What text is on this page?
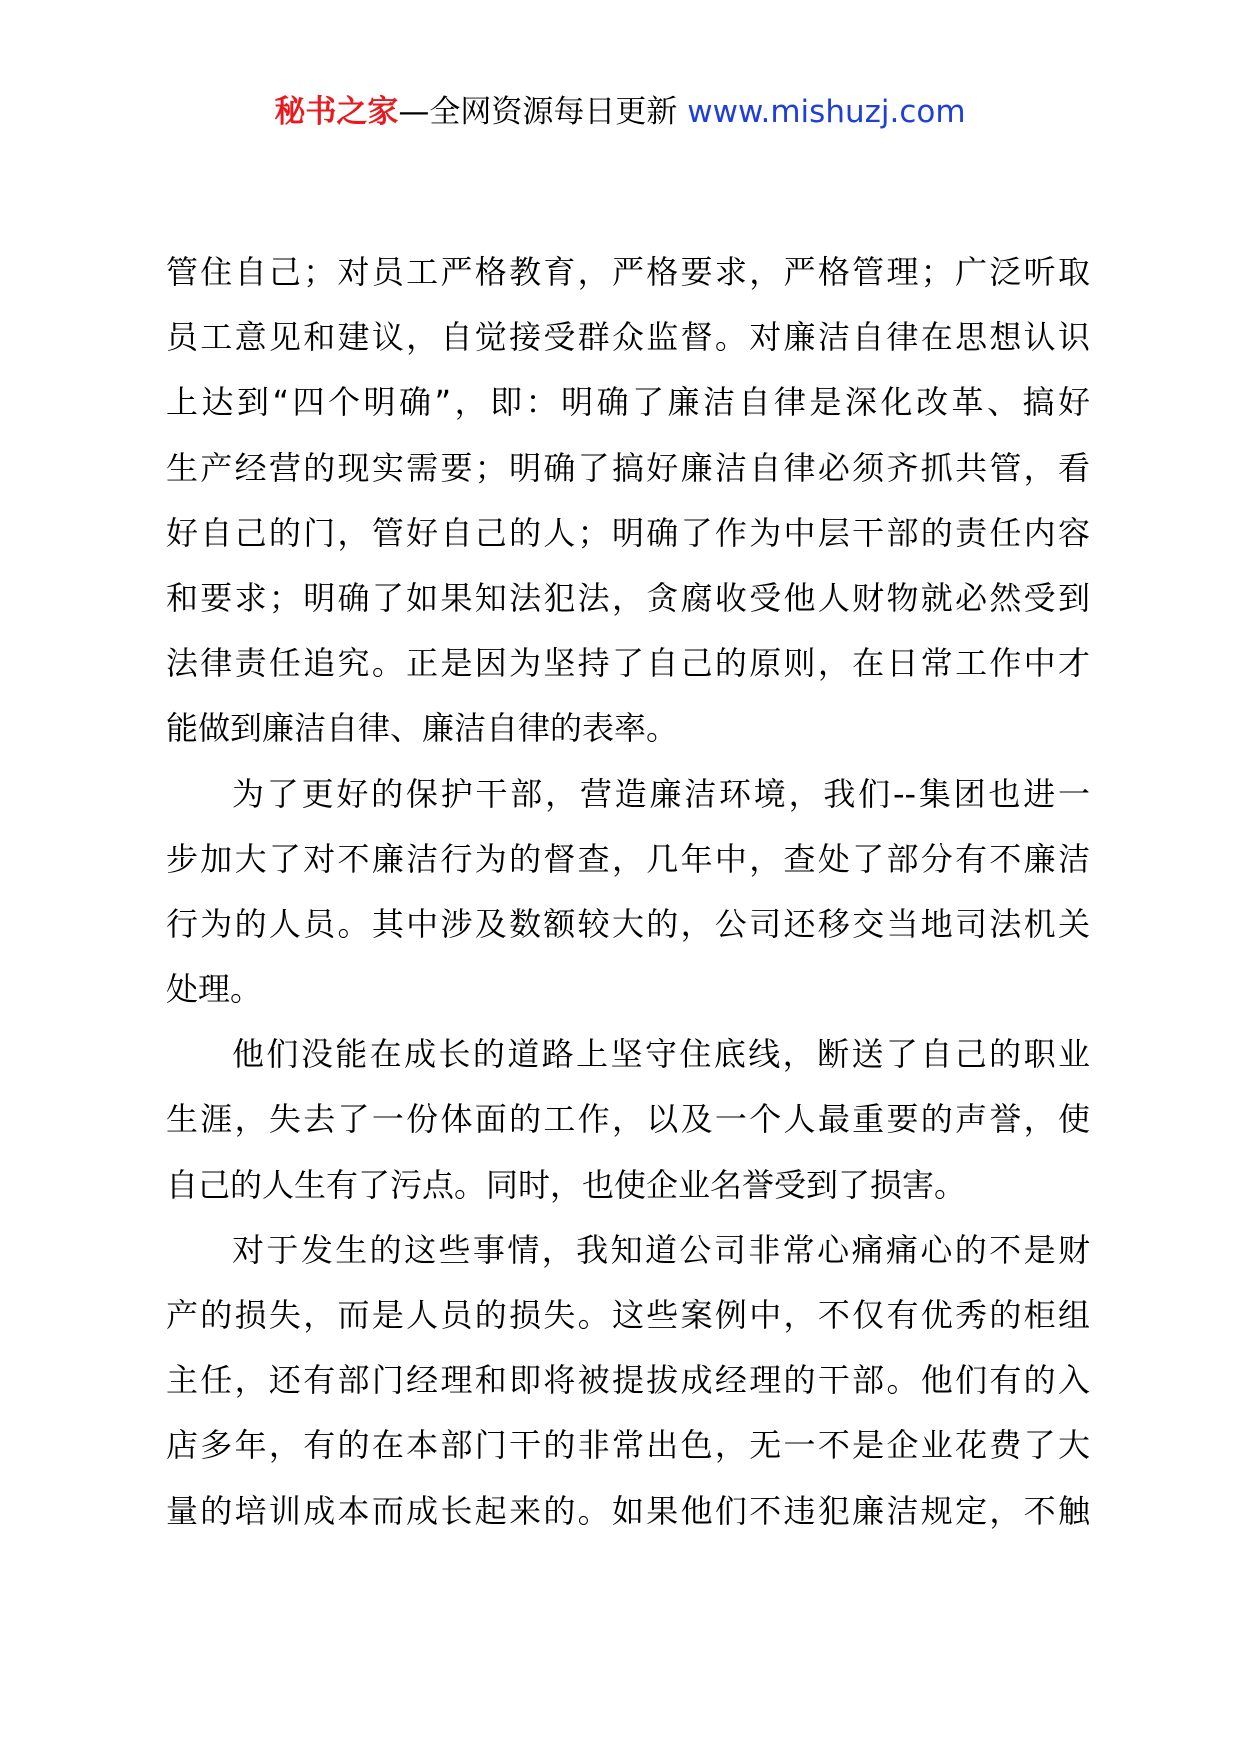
秘书之家—全网资源每日更新 www.mishuzj.com

管住自己；对员工严格教育，严格要求，严格管理；广泛听取
员工意见和建议，自觉接受群众监督。对廉洁自律在思想认识
上达到“四个明确”，即：明确了廉洁自律是深化改革、搞好
生产经营的现实需要；明确了搞好廉洁自律必须齐抓共管，看
好自己的门，管好自己的人；明确了作为中层干部的责任内容
和要求；明确了如果知法犯法，贪腐收受他人财物就必然受到
法律责任追究。正是因为坚持了自己的原则，在日常工作中才
能做到廉洁自律、廉洁自律的表率。

为了更好的保护干部，营造廉洁环境，我们--集团也进一
步加大了对不廉洁行为的督查，几年中，查处了部分有不廉洁
行为的人员。其中涉及数额较大的，公司还移交当地司法机关
处理。

他们没能在成长的道路上坚守住底线，断送了自己的职业
生涯，失去了一份体面的工作，以及一个人最重要的声誉，使
自己的人生有了污点。同时，也使企业名誉受到了损害。

对于发生的这些事情，我知道公司非常心痛痛心的不是财
产的损失，而是人员的损失。这些案例中，不仅有优秀的柜组
主任，还有部门经理和即将被提拔成经理的干部。他们有的入
店多年，有的在本部门干的非常出色，无一不是企业花费了大
量的培训成本而成长起来的。如果他们不违犯廉洁规定，不触
